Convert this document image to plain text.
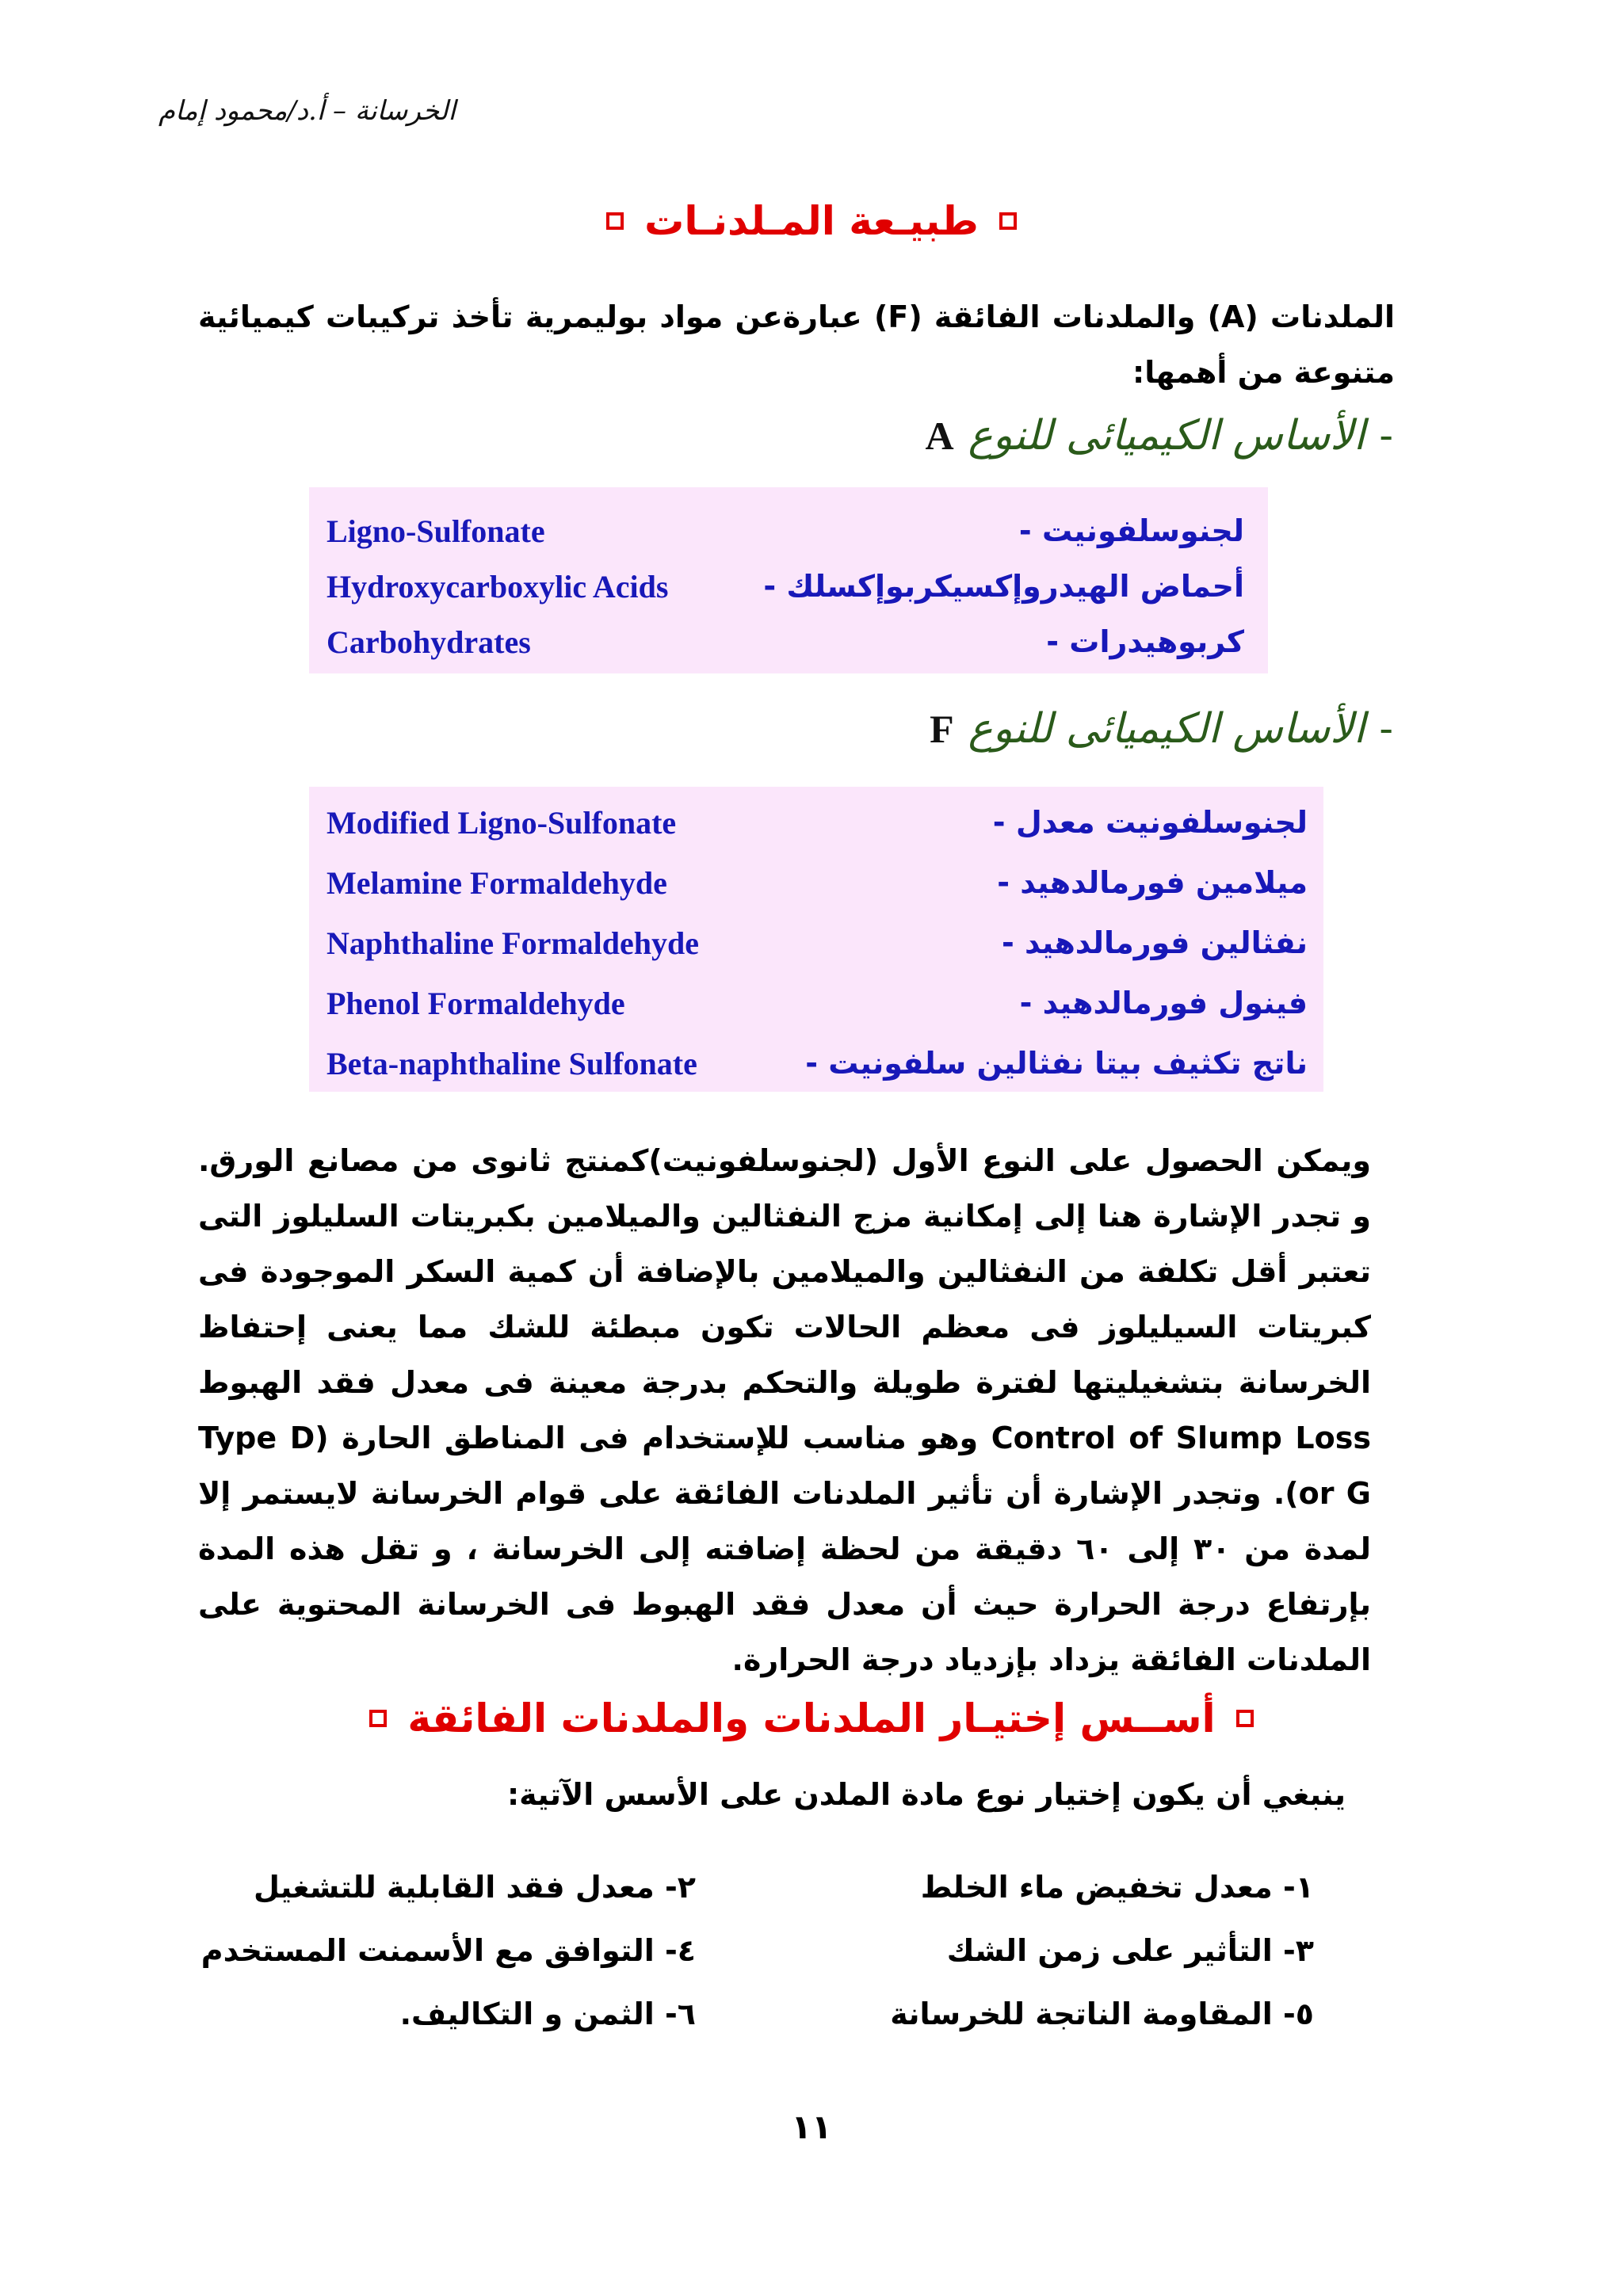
الخرسانة – أ.د/محمود إمام
طبيـعة المـلدنـات
الملدنات (A) والملدنات الفائقة (F) عبارةعن مواد بوليمرية تأخذ تركيبات كيميائية متنوعة من أهمها:
-
الأساس الكيميائى للنوع
A
Ligno-Sulfonate	لجنوسلفونيت -
Hydroxycarboxylic Acids	أحماض الهيدروإكسيكربوإكسلك -
Carbohydrates	كربوهيدرات -
-
الأساس الكيميائى للنوع
F
Modified Ligno-Sulfonate	لجنوسلفونيت معدل -
Melamine Formaldehyde	ميلامين فورمالدهيد -
Naphthaline Formaldehyde	نفثالين فورمالدهيد -
Phenol Formaldehyde	فينول فورمالدهيد -
Beta-naphthaline Sulfonate	ناتج تكثيف بيتا نفثالين سلفونيت -
ويمكن الحصول على النوع الأول (لجنوسلفونيت)كمنتج ثانوى من مصانع الورق. و تجدر الإشارة هنا إلى إمكانية مزج النفثالين والميلامين بكبريتات السليلوز التى تعتبر أقل تكلفة من النفثالين والميلامين بالإضافة أن كمية السكر الموجودة فى كبريتات السيليلوز فى معظم الحالات تكون مبطئة للشك مما يعنى إحتفاظ الخرسانة بتشغيليتها لفترة طويلة والتحكم بدرجة معينة فى معدل فقد الهبوط Control of Slump Loss وهو مناسب للإستخدام فى المناطق الحارة (Type D or G). وتجدر الإشارة أن تأثير الملدنات الفائقة على قوام الخرسانة لايستمر إلا لمدة من ٣٠ إلى ٦٠ دقيقة من لحظة إضافته إلى الخرسانة ، و تقل هذه المدة بإرتفاع درجة الحرارة حيث أن معدل فقد الهبوط فى الخرسانة المحتوية على الملدنات الفائقة يزداد بإزدياد درجة الحرارة.
أســس إختيـار الملدنات والملدنات الفائقة
ينبغي أن يكون إختيار نوع مادة الملدن على الأسس الآتية:
١- معدل تخفيض ماء الخلط
٢- معدل فقد القابلية للتشغيل
٣- التأثير على زمن الشك
٤- التوافق مع الأسمنت المستخدم
٥- المقاومة الناتجة للخرسانة
٦- الثمن و التكاليف.
١١
